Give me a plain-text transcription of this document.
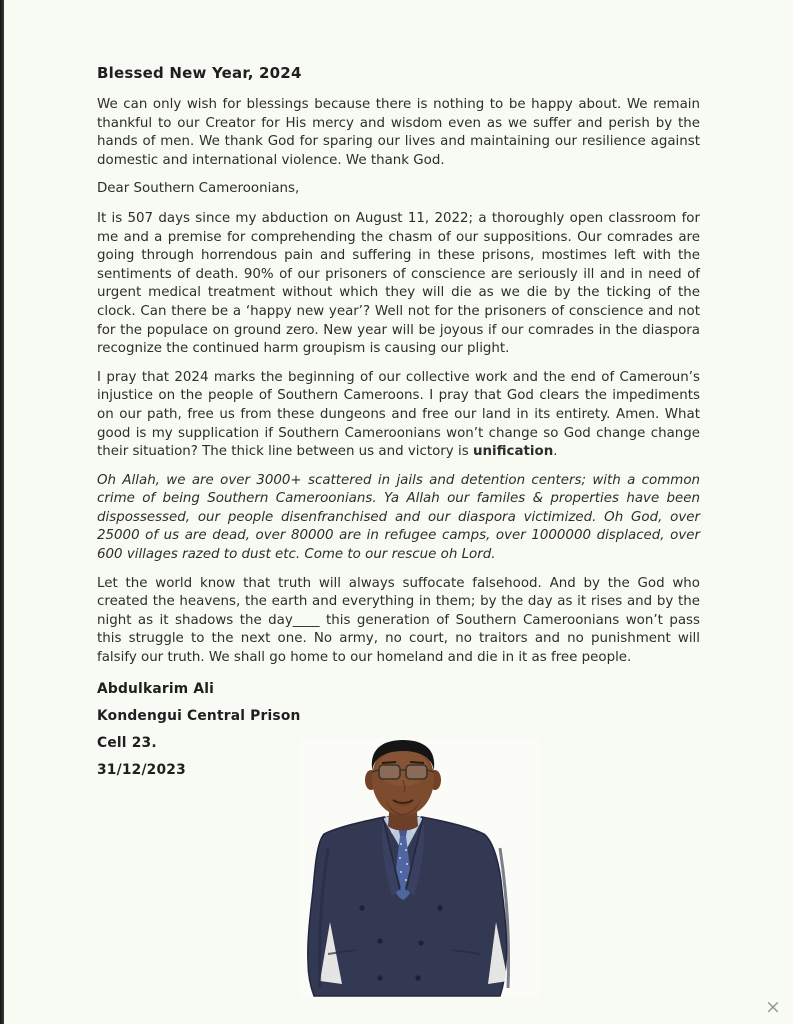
Blessed New Year, 2024

We can only wish for blessings because there is nothing to be happy about. We remain thankful to our Creator for His mercy and wisdom even as we suffer and perish by the hands of men. We thank God for sparing our lives and maintaining our resilience against domestic and international violence. We thank God.

Dear Southern Cameroonians,

It is 507 days since my abduction on August 11, 2022; a thoroughly open classroom for me and a premise for comprehending the chasm of our suppositions. Our comrades are going through horrendous pain and suffering in these prisons, mostimes left with the sentiments of death. 90% of our prisoners of conscience are seriously ill and in need of urgent medical treatment without which they will die as we die by the ticking of the clock. Can there be a ‘happy new year’? Well not for the prisoners of conscience and not for the populace on ground zero. New year will be joyous if our comrades in the diaspora recognize the continued harm groupism is causing our plight.

I pray that 2024 marks the beginning of our collective work and the end of Cameroun’s injustice on the people of Southern Cameroons. I pray that God clears the impediments on our path, free us from these dungeons and free our land in its entirety. Amen. What good is my supplication if Southern Cameroonians won’t change so God change change their situation? The thick line between us and victory is unification.

Oh Allah, we are over 3000+ scattered in jails and detention centers; with a common crime of being Southern Cameroonians. Ya Allah our familes & properties have been dispossessed, our people disenfranchised and our diaspora victimized. Oh God, over 25000 of us are dead, over 80000 are in refugee camps, over 1000000 displaced, over 600 villages razed to dust etc. Come to our rescue oh Lord.

Let the world know that truth will always suffocate falsehood. And by the God who created the heavens, the earth and everything in them; by the day as it rises and by the night as it shadows the day____ this generation of Southern Cameroonians won’t pass this struggle to the next one. No army, no court, no traitors and no punishment will falsify our truth. We shall go home to our homeland and die in it as free people.

Abdulkarim Ali

Kondengui Central Prison

Cell 23.

31/12/2023

×
